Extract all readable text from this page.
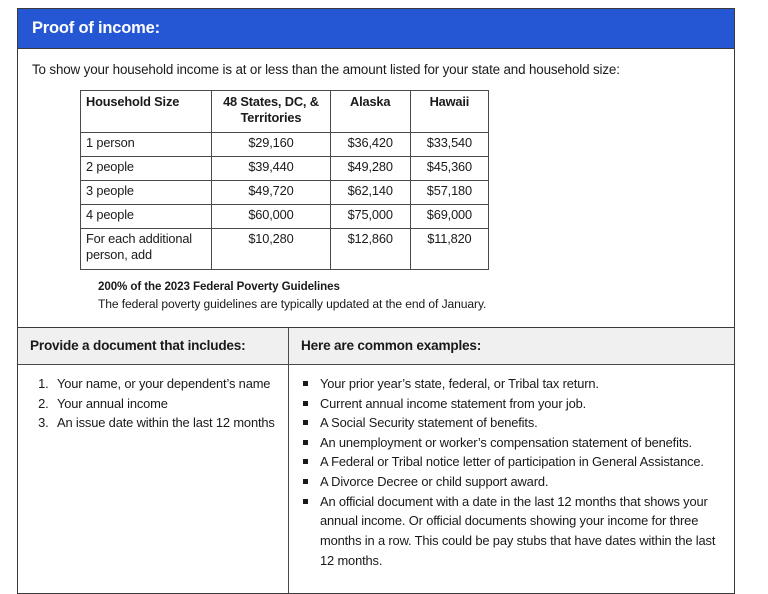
Proof of income:
To show your household income is at or less than the amount listed for your state and household size:
Household Size	48 States, DC, & Territories	Alaska	Hawaii
1 person	$29,160	$36,420	$33,540
2 people	$39,440	$49,280	$45,360
3 people	$49,720	$62,140	$57,180
4 people	$60,000	$75,000	$69,000
For each additional person, add	$10,280	$12,860	$11,820
200% of the 2023 Federal Poverty Guidelines
The federal poverty guidelines are typically updated at the end of January.
Provide a document that includes:	Here are common examples:
1. Your name, or your dependent’s name
2. Your annual income
3. An issue date within the last 12 months
Your prior year’s state, federal, or Tribal tax return.
Current annual income statement from your job.
A Social Security statement of benefits.
An unemployment or worker’s compensation statement of benefits.
A Federal or Tribal notice letter of participation in General Assistance.
A Divorce Decree or child support award.
An official document with a date in the last 12 months that shows your annual income. Or official documents showing your income for three months in a row. This could be pay stubs that have dates within the last 12 months.
